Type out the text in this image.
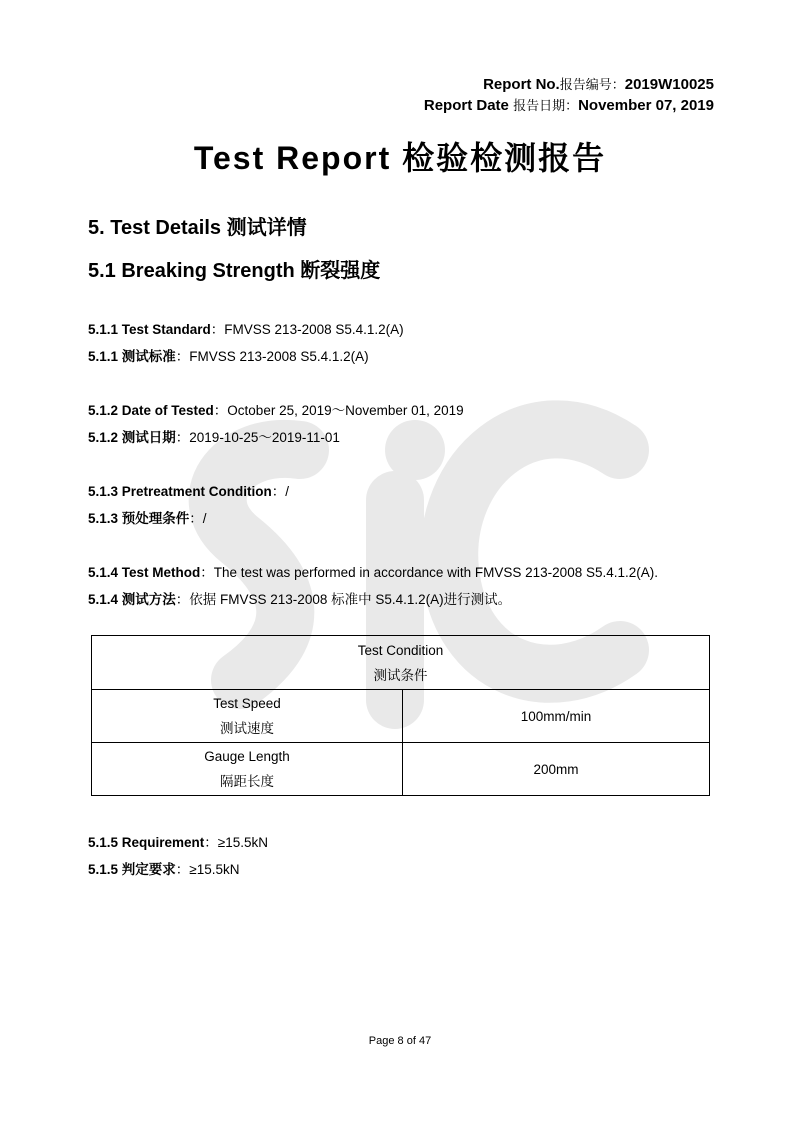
Report No.报告编号：2019W10025
Report Date 报告日期：November 07, 2019
Test Report 检验检测报告
5. Test Details 测试详情
5.1 Breaking Strength 断裂强度
5.1.1 Test Standard：FMVSS 213-2008 S5.4.1.2(A)
5.1.1 测试标准：FMVSS 213-2008 S5.4.1.2(A)
5.1.2 Date of Tested：October 25, 2019～November 01, 2019
5.1.2 测试日期：2019-10-25～2019-11-01
5.1.3 Pretreatment Condition：/
5.1.3 预处理条件：/
5.1.4 Test Method：The test was performed in accordance with FMVSS 213-2008 S5.4.1.2(A).
5.1.4 测试方法：依据 FMVSS 213-2008 标准中 S5.4.1.2(A)进行测试。
Test Condition
测试条件	

Test Speed
测试速度	100mm/min

Gauge Length
隔距长度	200mm
5.1.5 Requirement：≥15.5kN
5.1.5 判定要求：≥15.5kN
Page 8 of 47
